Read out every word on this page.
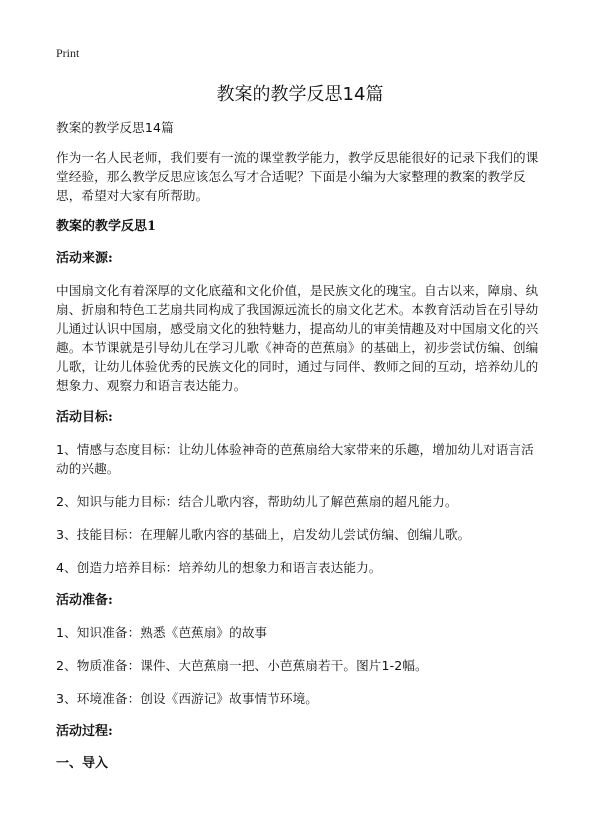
Print
教案的教学反思14篇

教案的教学反思14篇

作为一名人民老师，我们要有一流的课堂教学能力，教学反思能很好的记录下我们的课堂经验，那么教学反思应该怎么写才合适呢？下面是小编为大家整理的教案的教学反思，希望对大家有所帮助。

教案的教学反思1

活动来源:

中国扇文化有着深厚的文化底蕴和文化价值，是民族文化的瑰宝。自古以来，障扇、纨扇、折扇和特色工艺扇共同构成了我国源远流长的扇文化艺术。本教育活动旨在引导幼儿通过认识中国扇，感受扇文化的独特魅力，提高幼儿的审美情趣及对中国扇文化的兴趣。本节课就是引导幼儿在学习儿歌《神奇的芭蕉扇》的基础上，初步尝试仿编、创编儿歌，让幼儿体验优秀的民族文化的同时，通过与同伴、教师之间的互动，培养幼儿的想象力、观察力和语言表达能力。

活动目标:

1、情感与态度目标：让幼儿体验神奇的芭蕉扇给大家带来的乐趣，增加幼儿对语言活动的兴趣。

2、知识与能力目标：结合儿歌内容，帮助幼儿了解芭蕉扇的超凡能力。

3、技能目标：在理解儿歌内容的基础上，启发幼儿尝试仿编、创编儿歌。

4、创造力培养目标：培养幼儿的想象力和语言表达能力。

活动准备:

1、知识准备：熟悉《芭蕉扇》的故事

2、物质准备：课件、大芭蕉扇一把、小芭蕉扇若干。图片1-2幅。

3、环境准备：创设《西游记》故事情节环境。

活动过程:

一、导入
